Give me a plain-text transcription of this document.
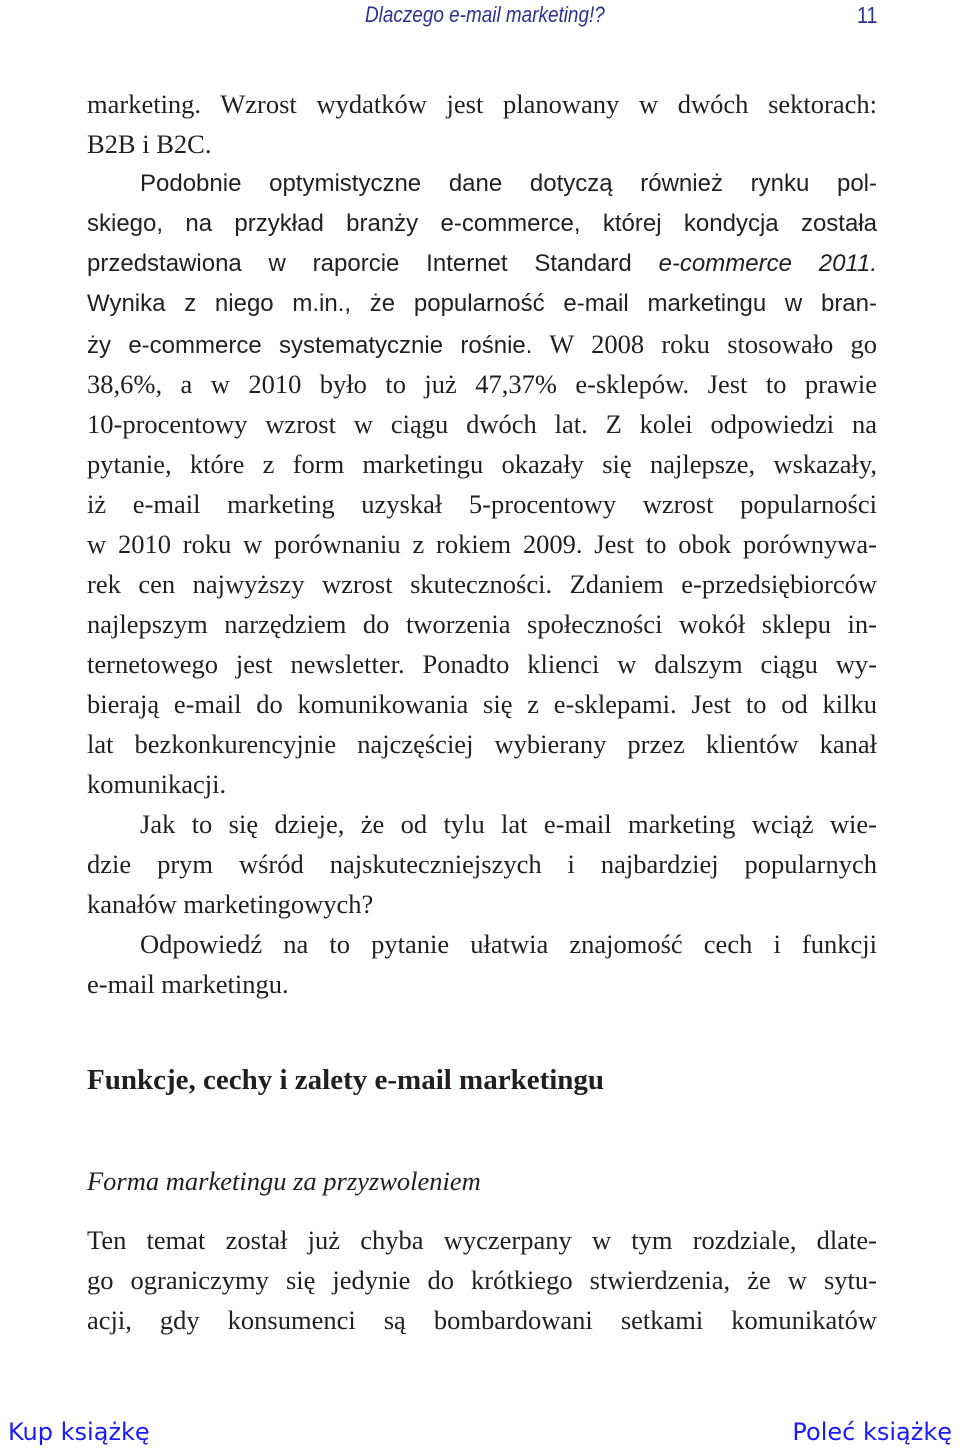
Dlaczego e-mail marketing!?	11
marketing. Wzrost wydatków jest planowany w dwóch sektorach:
B2B i B2C.
Podobnie optymistyczne dane dotyczą również rynku pol-
skiego, na przykład branży e-commerce, której kondycja została
przedstawiona w raporcie Internet Standard e-commerce 2011.
Wynika z niego m.in., że popularność e-mail marketingu w bran-
ży e-commerce systematycznie rośnie. W 2008 roku stosowało go
38,6%, a w 2010 było to już 47,37% e-sklepów. Jest to prawie
10-procentowy wzrost w ciągu dwóch lat. Z kolei odpowiedzi na
pytanie, które z form marketingu okazały się najlepsze, wskazały,
iż e-mail marketing uzyskał 5-procentowy wzrost popularności
w 2010 roku w porównaniu z rokiem 2009. Jest to obok porównywa-
rek cen najwyższy wzrost skuteczności. Zdaniem e-przedsiębiorców
najlepszym narzędziem do tworzenia społeczności wokół sklepu in-
ternetowego jest newsletter. Ponadto klienci w dalszym ciągu wy-
bierają e-mail do komunikowania się z e-sklepami. Jest to od kilku
lat bezkonkurencyjnie najczęściej wybierany przez klientów kanał
komunikacji.
Jak to się dzieje, że od tylu lat e-mail marketing wciąż wie-
dzie prym wśród najskuteczniejszych i najbardziej popularnych
kanałów marketingowych?
Odpowiedź na to pytanie ułatwia znajomość cech i funkcji
e-mail marketingu.
Funkcje, cechy i zalety e-mail marketingu
Forma marketingu za przyzwoleniem
Ten temat został już chyba wyczerpany w tym rozdziale, dlate-
go ograniczymy się jedynie do krótkiego stwierdzenia, że w sytu-
acji, gdy konsumenci są bombardowani setkami komunikatów
Kup książkę	Poleć książkę
